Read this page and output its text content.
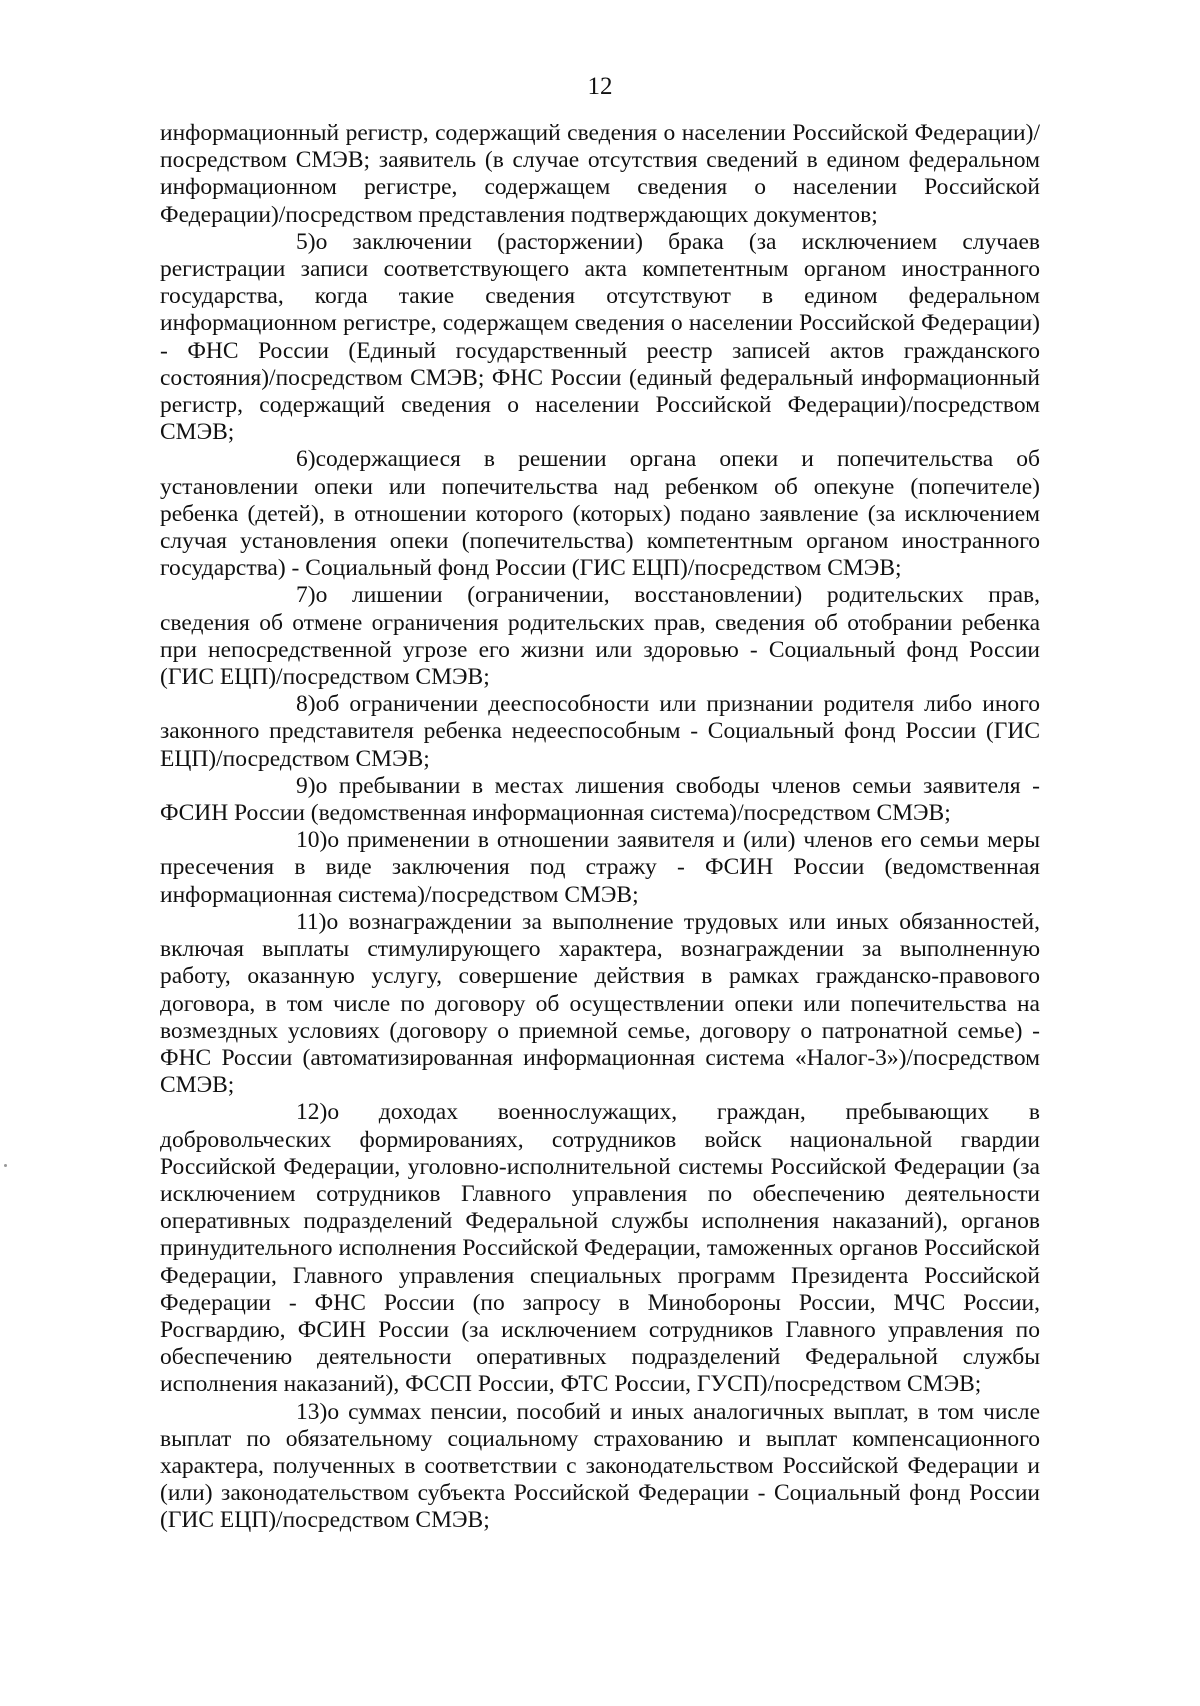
12

информационный регистр, содержащий сведения о населении Российской Федерации)/посредством СМЭВ; заявитель (в случае отсутствия сведений в едином федеральном информационном регистре, содержащем сведения о населении Российской Федерации)/посредством представления подтверждающих документов;

5)о заключении (расторжении) брака (за исключением случаев регистрации записи соответствующего акта компетентным органом иностранного государства, когда такие сведения отсутствуют в едином федеральном информационном регистре, содержащем сведения о населении Российской Федерации) - ФНС России (Единый государственный реестр записей актов гражданского состояния)/посредством СМЭВ; ФНС России (единый федеральный информационный регистр, содержащий сведения о населении Российской Федерации)/посредством СМЭВ;

6)содержащиеся в решении органа опеки и попечительства об установлении опеки или попечительства над ребенком об опекуне (попечителе) ребенка (детей), в отношении которого (которых) подано заявление (за исключением случая установления опеки (попечительства) компетентным органом иностранного государства) - Социальный фонд России (ГИС ЕЦП)/посредством СМЭВ;

7)о лишении (ограничении, восстановлении) родительских прав, сведения об отмене ограничения родительских прав, сведения об отобрании ребенка при непосредственной угрозе его жизни или здоровью - Социальный фонд России (ГИС ЕЦП)/посредством СМЭВ;

8)об ограничении дееспособности или признании родителя либо иного законного представителя ребенка недееспособным - Социальный фонд России (ГИС ЕЦП)/посредством СМЭВ;

9)о пребывании в местах лишения свободы членов семьи заявителя - ФСИН России (ведомственная информационная система)/посредством СМЭВ;

10)о применении в отношении заявителя и (или) членов его семьи меры пресечения в виде заключения под стражу - ФСИН России (ведомственная информационная система)/посредством СМЭВ;

11)о вознаграждении за выполнение трудовых или иных обязанностей, включая выплаты стимулирующего характера, вознаграждении за выполненную работу, оказанную услугу, совершение действия в рамках гражданско-правового договора, в том числе по договору об осуществлении опеки или попечительства на возмездных условиях (договору о приемной семье, договору о патронатной семье) - ФНС России (автоматизированная информационная система «Налог-3»)/посредством СМЭВ;

12)о доходах военнослужащих, граждан, пребывающих в добровольческих формированиях, сотрудников войск национальной гвардии Российской Федерации, уголовно-исполнительной системы Российской Федерации (за исключением сотрудников Главного управления по обеспечению деятельности оперативных подразделений Федеральной службы исполнения наказаний), органов принудительного исполнения Российской Федерации, таможенных органов Российской Федерации, Главного управления специальных программ Президента Российской Федерации - ФНС России (по запросу в Минобороны России, МЧС России, Росгвардию, ФСИН России (за исключением сотрудников Главного управления по обеспечению деятельности оперативных подразделений Федеральной службы исполнения наказаний), ФССП России, ФТС России, ГУСП)/посредством СМЭВ;

13)о суммах пенсии, пособий и иных аналогичных выплат, в том числе выплат по обязательному социальному страхованию и выплат компенсационного характера, полученных в соответствии с законодательством Российской Федерации и (или) законодательством субъекта Российской Федерации - Социальный фонд России (ГИС ЕЦП)/посредством СМЭВ;
